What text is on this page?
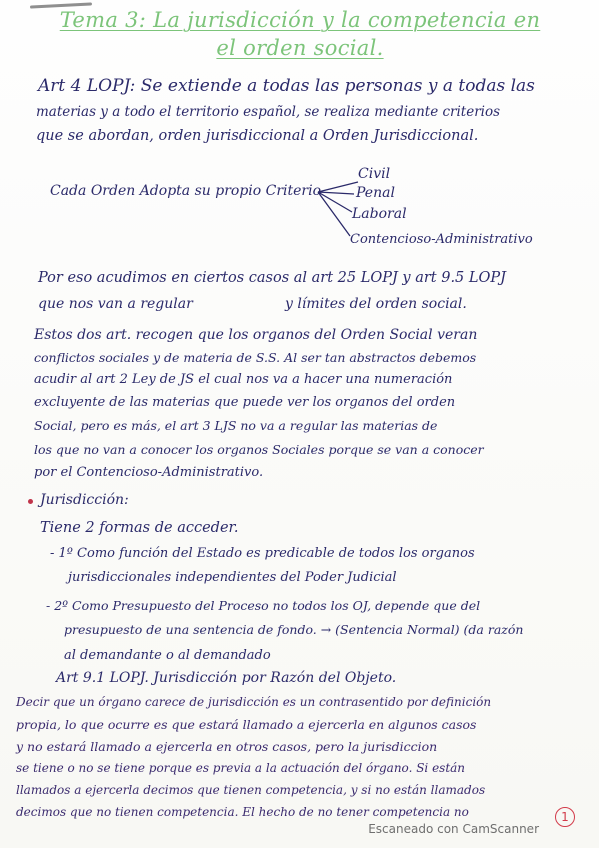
Tema 3: La jurisdicción y la competencia en
el orden social.
Art 4 LOPJ: Se extiende a todas las personas y a todas las
materias y a todo el territorio español, se realiza mediante criterios
que se abordan, orden jurisdiccional a Orden Jurisdiccional.
Cada Orden Adopta su propio Criterio
Civil
Penal
Laboral
Contencioso-Administrativo
Por eso acudimos en ciertos casos al art 25 LOPJ y art 9.5 LOPJ
que nos van a regular	y límites del orden social.
Estos dos art. recogen que los organos del Orden Social veran
conflictos sociales y de materia de S.S. Al ser tan abstractos debemos
acudir al art 2 Ley de JS el cual nos va a hacer una numeración
excluyente de las materias que puede ver los organos del orden
Social, pero es más, el art 3 LJS no va a regular las materias de
los que no van a conocer los organos Sociales porque se van a conocer
por el Contencioso-Administrativo.
Jurisdicción:
Tiene 2 formas de acceder.
- 1º Como función del Estado es predicable de todos los organos
jurisdiccionales independientes del Poder Judicial
- 2º Como Presupuesto del Proceso no todos los OJ, depende que del
presupuesto de una sentencia de fondo. → (Sentencia Normal) (da razón
al demandante o al demandado
Art 9.1 LOPJ. Jurisdicción por Razón del Objeto.
Decir que un órgano carece de jurisdicción es un contrasentido por definición
propia, lo que ocurre es que estará llamado a ejercerla en algunos casos
y no estará llamado a ejercerla en otros casos, pero la jurisdiccion
se tiene o no se tiene porque es previa a la actuación del órgano. Si están
llamados a ejercerla decimos que tienen competencia, y si no están llamados
decimos que no tienen competencia. El hecho de no tener competencia no	1
Escaneado con CamScanner
